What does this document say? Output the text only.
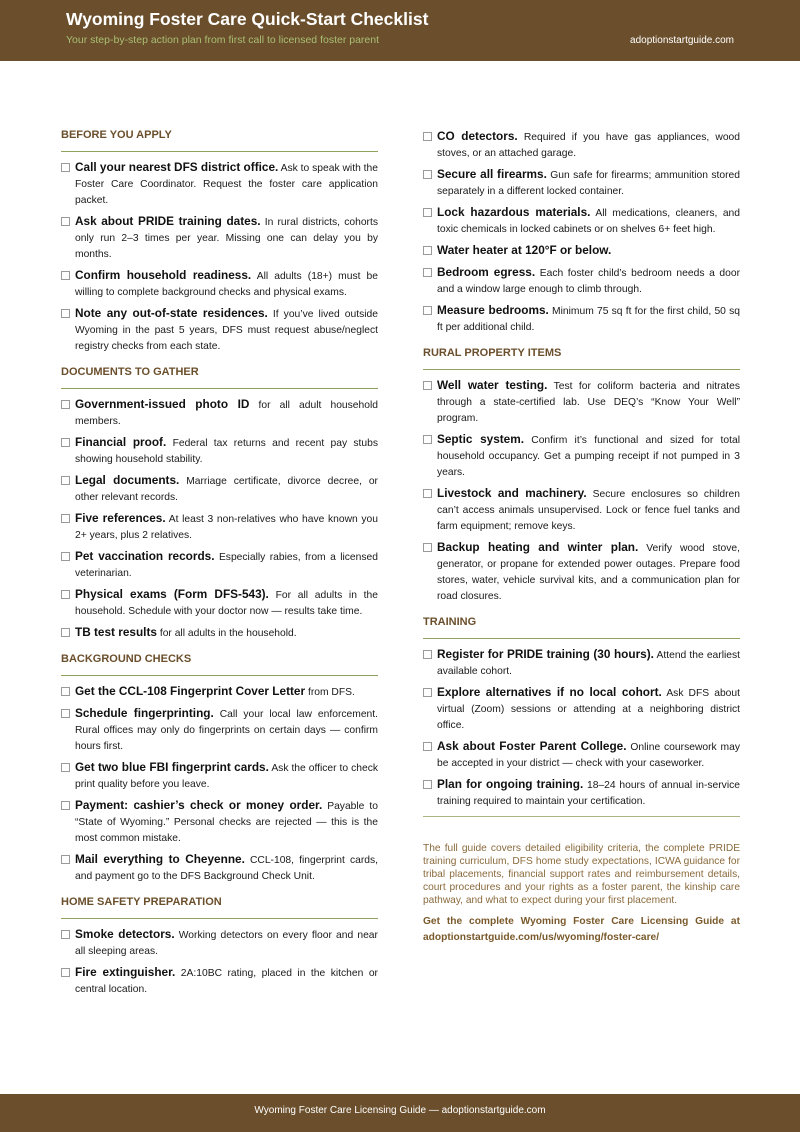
Wyoming Foster Care Quick-Start Checklist
Your step-by-step action plan from first call to licensed foster parent	adoptionstartguide.com
BEFORE YOU APPLY
Call your nearest DFS district office. Ask to speak with the Foster Care Coordinator. Request the foster care application packet.
Ask about PRIDE training dates. In rural districts, cohorts only run 2–3 times per year. Missing one can delay you by months.
Confirm household readiness. All adults (18+) must be willing to complete background checks and physical exams.
Note any out-of-state residences. If you’ve lived outside Wyoming in the past 5 years, DFS must request abuse/neglect registry checks from each state.
DOCUMENTS TO GATHER
Government-issued photo ID for all adult household members.
Financial proof. Federal tax returns and recent pay stubs showing household stability.
Legal documents. Marriage certificate, divorce decree, or other relevant records.
Five references. At least 3 non-relatives who have known you 2+ years, plus 2 relatives.
Pet vaccination records. Especially rabies, from a licensed veterinarian.
Physical exams (Form DFS-543). For all adults in the household. Schedule with your doctor now — results take time.
TB test results for all adults in the household.
BACKGROUND CHECKS
Get the CCL-108 Fingerprint Cover Letter from DFS.
Schedule fingerprinting. Call your local law enforcement. Rural offices may only do fingerprints on certain days — confirm hours first.
Get two blue FBI fingerprint cards. Ask the officer to check print quality before you leave.
Payment: cashier’s check or money order. Payable to “State of Wyoming.” Personal checks are rejected — this is the most common mistake.
Mail everything to Cheyenne. CCL-108, fingerprint cards, and payment go to the DFS Background Check Unit.
HOME SAFETY PREPARATION
Smoke detectors. Working detectors on every floor and near all sleeping areas.
Fire extinguisher. 2A:10BC rating, placed in the kitchen or central location.
CO detectors. Required if you have gas appliances, wood stoves, or an attached garage.
Secure all firearms. Gun safe for firearms; ammunition stored separately in a different locked container.
Lock hazardous materials. All medications, cleaners, and toxic chemicals in locked cabinets or on shelves 6+ feet high.
Water heater at 120°F or below.
Bedroom egress. Each foster child’s bedroom needs a door and a window large enough to climb through.
Measure bedrooms. Minimum 75 sq ft for the first child, 50 sq ft per additional child.
RURAL PROPERTY ITEMS
Well water testing. Test for coliform bacteria and nitrates through a state-certified lab. Use DEQ’s “Know Your Well” program.
Septic system. Confirm it’s functional and sized for total household occupancy. Get a pumping receipt if not pumped in 3 years.
Livestock and machinery. Secure enclosures so children can’t access animals unsupervised. Lock or fence fuel tanks and farm equipment; remove keys.
Backup heating and winter plan. Verify wood stove, generator, or propane for extended power outages. Prepare food stores, water, vehicle survival kits, and a communication plan for road closures.
TRAINING
Register for PRIDE training (30 hours). Attend the earliest available cohort.
Explore alternatives if no local cohort. Ask DFS about virtual (Zoom) sessions or attending at a neighboring district office.
Ask about Foster Parent College. Online coursework may be accepted in your district — check with your caseworker.
Plan for ongoing training. 18–24 hours of annual in-service training required to maintain your certification.
The full guide covers detailed eligibility criteria, the complete PRIDE training curriculum, DFS home study expectations, ICWA guidance for tribal placements, financial support rates and reimbursement details, court procedures and your rights as a foster parent, the kinship care pathway, and what to expect during your first placement.
Get the complete Wyoming Foster Care Licensing Guide at adoptionstartguide.com/us/wyoming/foster-care/
Wyoming Foster Care Licensing Guide — adoptionstartguide.com
